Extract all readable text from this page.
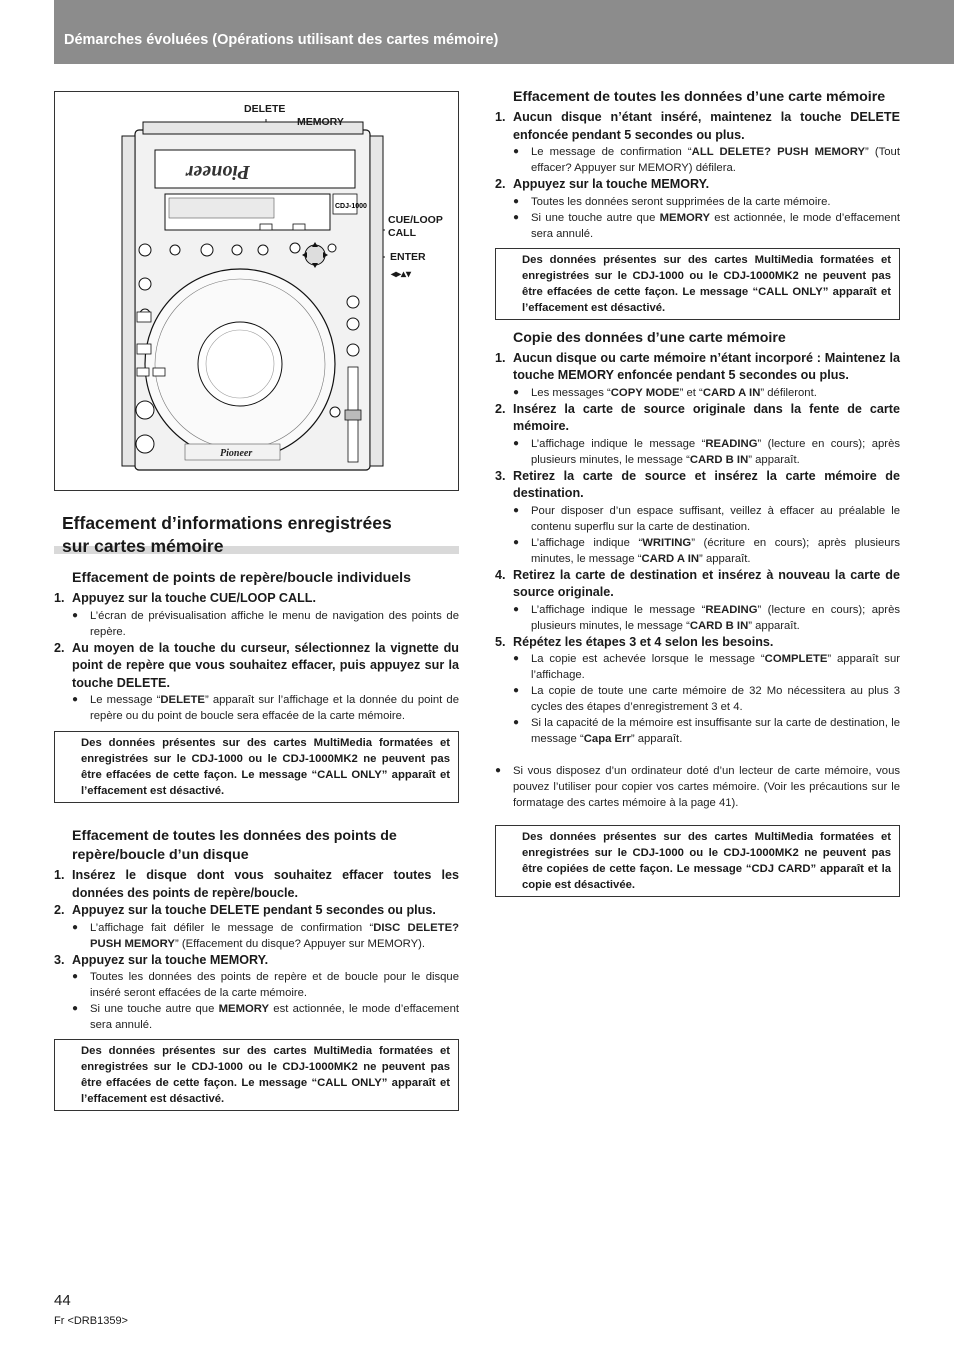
Démarches évoluées (Opérations utilisant des cartes mémoire)
Pioneer
CDJ-1000
Pioneer
DELETE
MEMORY
CUE/LOOP
CALL
ENTER
◂▸▴▾
Effacement d’informations enregistrées
sur cartes mémoire
Effacement de points de repère/boucle individuels
1. Appuyez sur la touche CUE/LOOP CALL.
●	L’écran de prévisualisation affiche le menu de navigation des points de repère.
2. Au moyen de la touche du curseur, sélectionnez la vignette du point de repère que vous souhaitez effacer, puis appuyez sur la touche DELETE.
●	Le message “DELETE” apparaît sur l’affichage et la donnée du point de repère ou du point de boucle sera effacée de la carte mémoire.
Des données présentes sur des cartes MultiMedia formatées et enregistrées sur le CDJ-1000 ou le CDJ-1000MK2 ne peuvent pas être effacées de cette façon. Le message “CALL ONLY” apparaît et l’effacement est désactivé.
Effacement de toutes les données des points de repère/boucle d’un disque
1. Insérez le disque dont vous souhaitez effacer toutes les données des points de repère/boucle.
2. Appuyez sur la touche DELETE pendant 5 secondes ou plus.
●	L’affichage fait défiler le message de confirmation “DISC DELETE? PUSH MEMORY” (Effacement du disque? Appuyer sur MEMORY).
3. Appuyez sur la touche MEMORY.
●	Toutes les données des points de repère et de boucle pour le disque inséré seront effacées de la carte mémoire.
●	Si une touche autre que MEMORY est actionnée, le mode d’effacement sera annulé.
Des données présentes sur des cartes MultiMedia formatées et enregistrées sur le CDJ-1000 ou le CDJ-1000MK2 ne peuvent pas être effacées de cette façon. Le message “CALL ONLY” apparaît et l’effacement est désactivé.
Effacement de toutes les données d’une carte mémoire
1. Aucun disque n’étant inséré, maintenez la touche DELETE enfoncée pendant 5 secondes ou plus.
●	Le message de confirmation “ALL DELETE? PUSH MEMORY” (Tout effacer? Appuyer sur MEMORY) défilera.
2. Appuyez sur la touche MEMORY.
●	Toutes les données seront supprimées de la carte mémoire.
●	Si une touche autre que MEMORY est actionnée, le mode d’effacement sera annulé.
Des données présentes sur des cartes MultiMedia formatées et enregistrées sur le CDJ-1000 ou le CDJ-1000MK2 ne peuvent pas être effacées de cette façon. Le message “CALL ONLY” apparaît et l’effacement est désactivé.
Copie des données d’une carte mémoire
1. Aucun disque ou carte mémoire n’étant incorporé : Maintenez la touche MEMORY enfoncée pendant 5 secondes ou plus.
●	Les messages “COPY MODE” et “CARD A IN” défileront.
2. Insérez la carte de source originale dans la fente de carte mémoire.
●	L’affichage indique le message “READING” (lecture en cours); après plusieurs minutes, le message “CARD B IN” apparaît.
3. Retirez la carte de source et insérez la carte mémoire de destination.
●	Pour disposer d’un espace suffisant, veillez à effacer au préalable le contenu superflu sur la carte de destination.
●	L’affichage indique “WRITING” (écriture en cours); après plusieurs minutes, le message “CARD A IN” apparaît.
4. Retirez la carte de destination et insérez à nouveau la carte de source originale.
●	L’affichage indique le message “READING” (lecture en cours); après plusieurs minutes, le message “CARD B IN” apparaît.
5. Répétez les étapes 3 et 4 selon les besoins.
●	La copie est achevée lorsque le message “COMPLETE” apparaît sur l’affichage.
●	La copie de toute une carte mémoire de 32 Mo nécessitera au plus 3 cycles des étapes d’enregistrement 3 et 4.
●	Si la capacité de la mémoire est insuffisante sur la carte de destination, le message “Capa Err” apparaît.
●	Si vous disposez d’un ordinateur doté d’un lecteur de carte mémoire, vous pouvez l’utiliser pour copier vos cartes mémoire. (Voir les précautions sur le formatage des cartes mémoire à la page 41).
Des données présentes sur des cartes MultiMedia formatées et enregistrées sur le CDJ-1000 ou le CDJ-1000MK2 ne peuvent pas être copiées de cette façon. Le message “CDJ CARD” apparaît et la copie est désactivée.
44
Fr <DRB1359>
